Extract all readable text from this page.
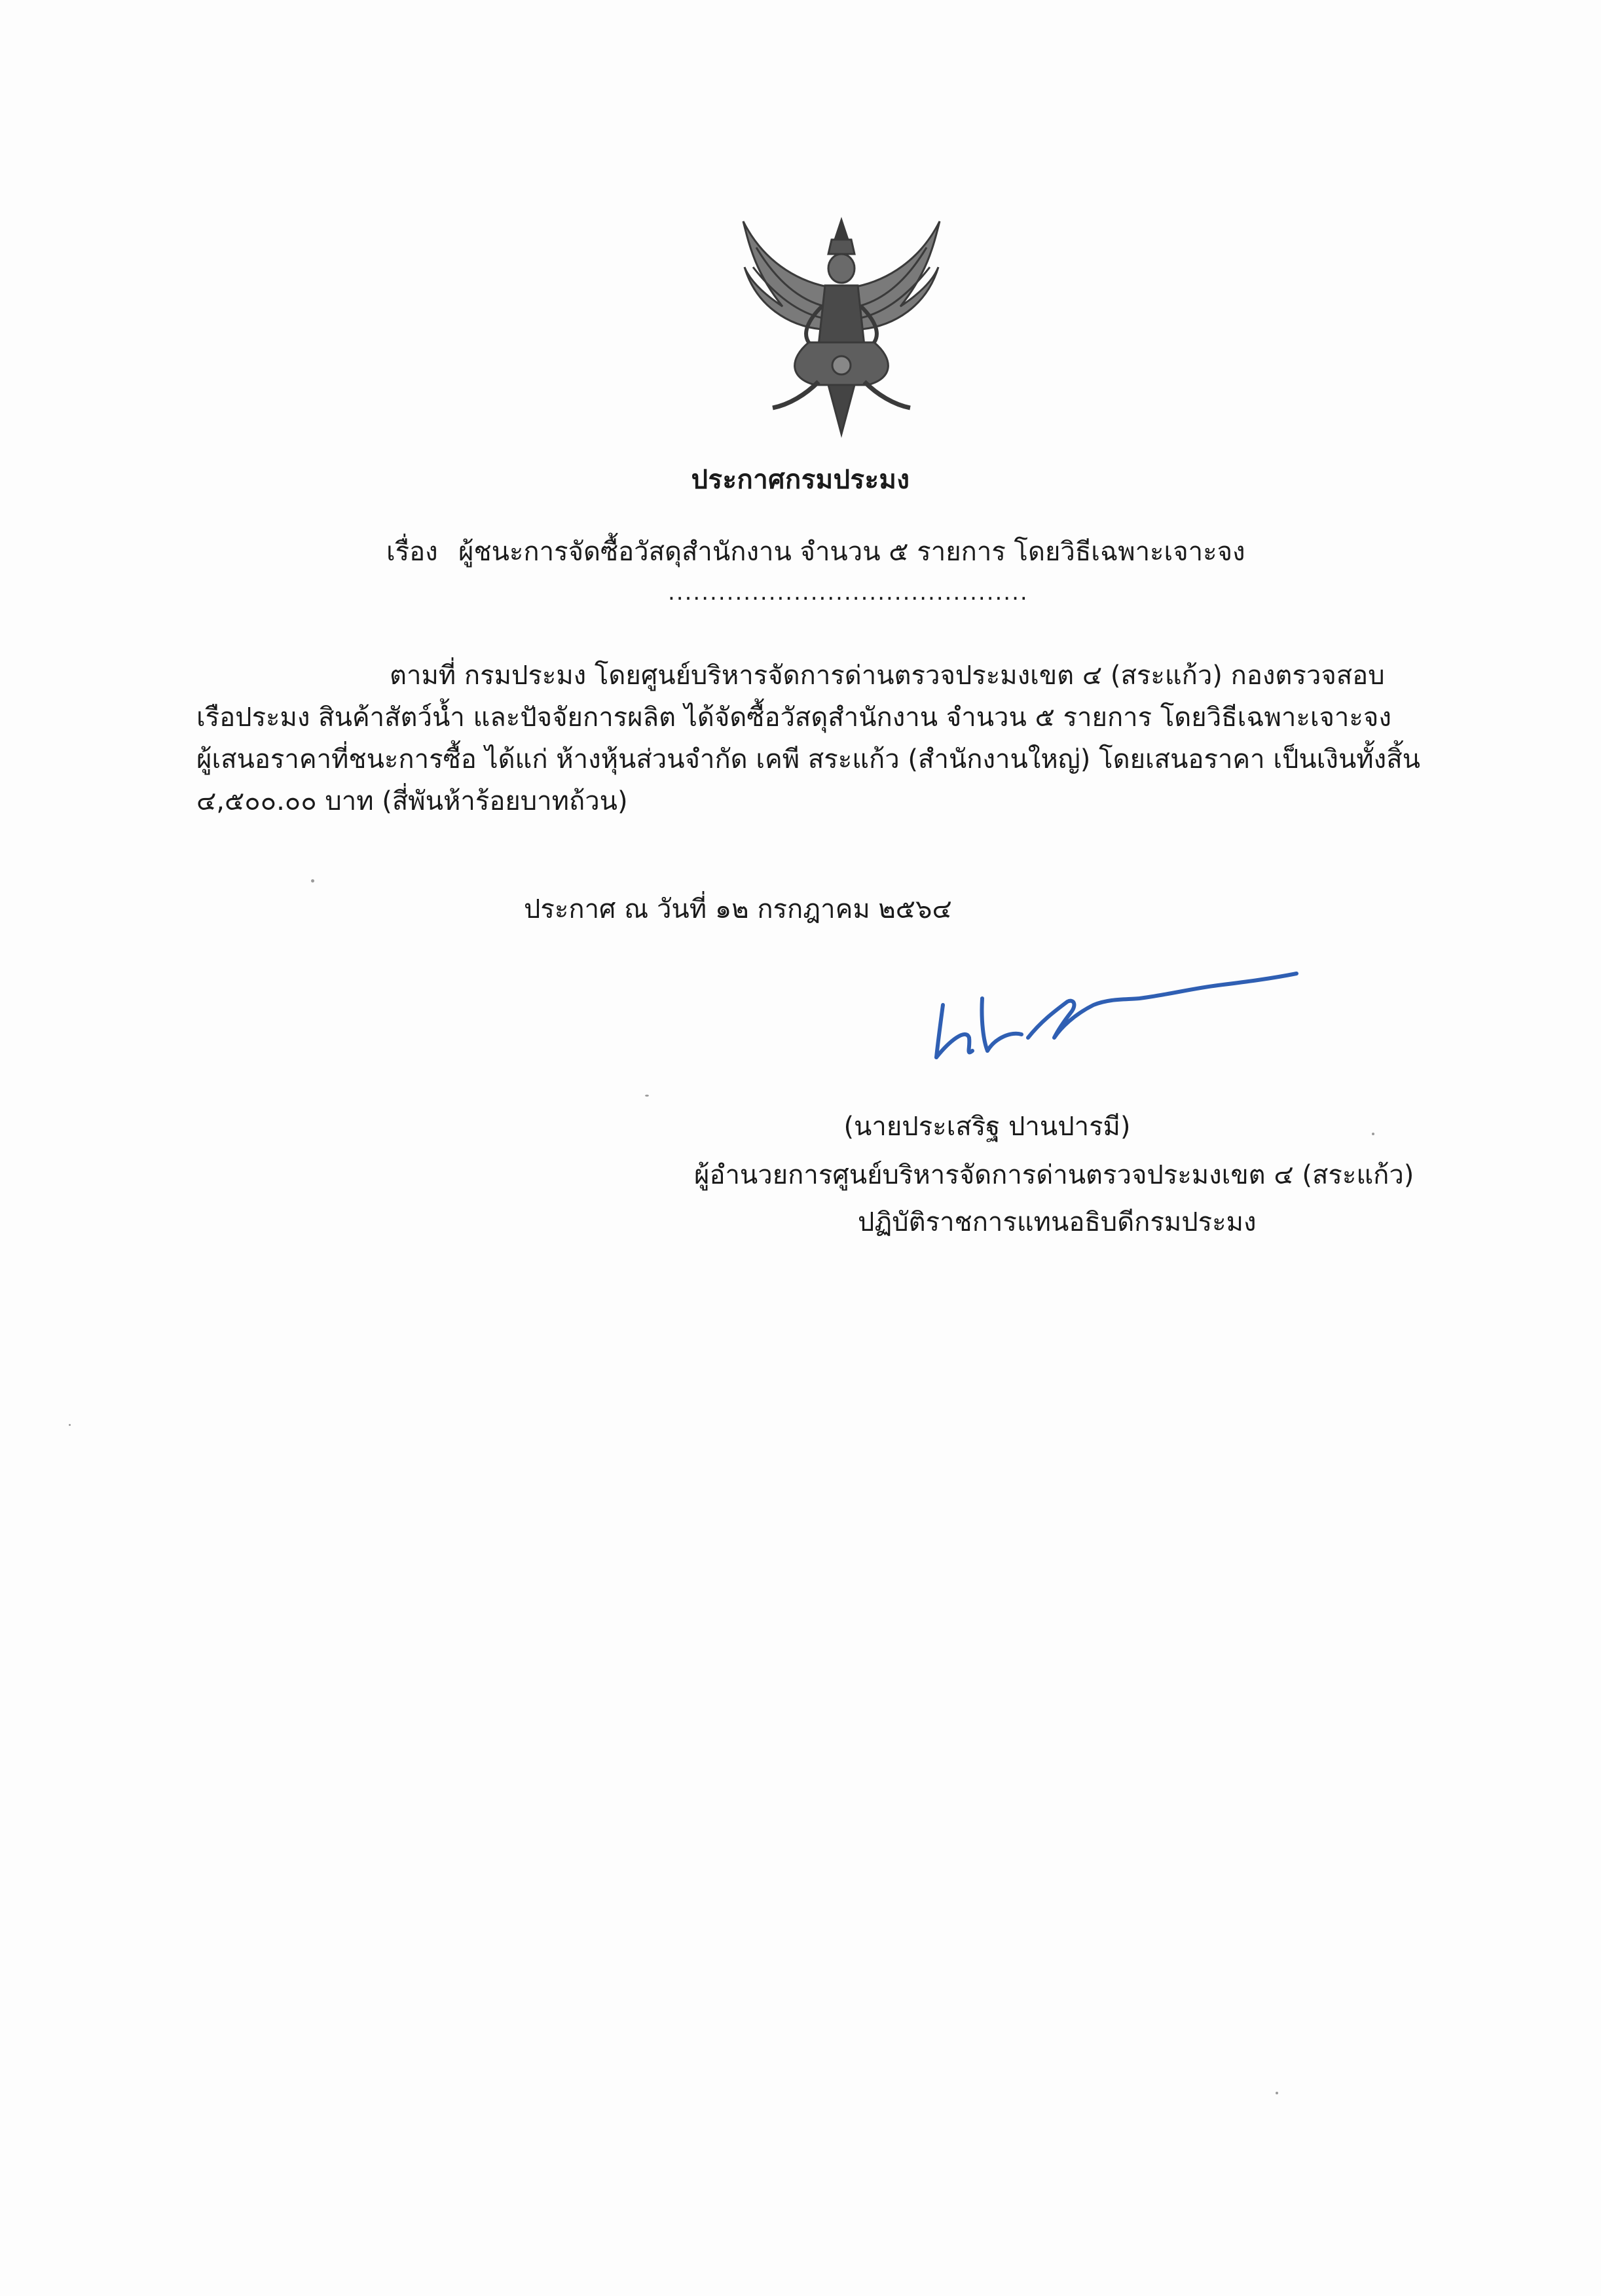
ประกาศกรมประมง
เรื่อง ผู้ชนะการจัดซื้อวัสดุสำนักงาน จำนวน ๕ รายการ โดยวิธีเฉพาะเจาะจง
...........................................
ตามที่ กรมประมง โดยศูนย์บริหารจัดการด่านตรวจประมงเขต ๔ (สระแก้ว) กองตรวจสอบ
เรือประมง สินค้าสัตว์น้ำ และปัจจัยการผลิต ได้จัดซื้อวัสดุสำนักงาน จำนวน ๕ รายการ โดยวิธีเฉพาะเจาะจง
ผู้เสนอราคาที่ชนะการซื้อ ได้แก่ ห้างหุ้นส่วนจำกัด เคพี สระแก้ว (สำนักงานใหญ่) โดยเสนอราคา เป็นเงินทั้งสิ้น
๔,๕๐๐.๐๐ บาท (สี่พันห้าร้อยบาทถ้วน)
ประกาศ ณ วันที่ ๑๒ กรกฎาคม ๒๕๖๔
(นายประเสริฐ ปานปารมี)
ผู้อำนวยการศูนย์บริหารจัดการด่านตรวจประมงเขต ๔ (สระแก้ว)
ปฏิบัติราชการแทนอธิบดีกรมประมง
